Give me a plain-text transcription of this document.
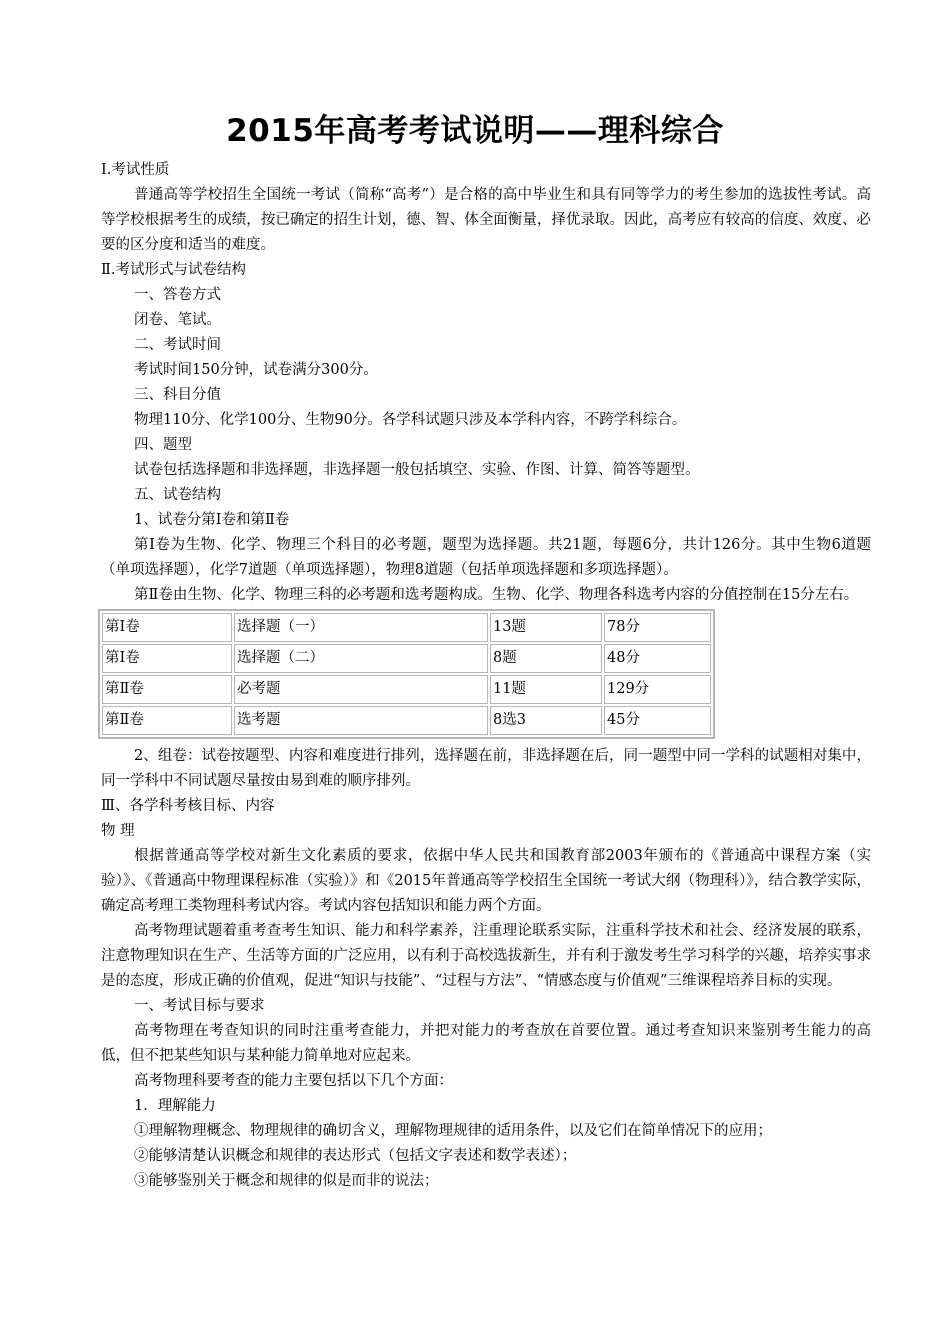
2015年高考考试说明——理科综合

Ⅰ.考试性质

普通高等学校招生全国统一考试（简称“高考”）是合格的高中毕业生和具有同等学力的考生参加的选拔性考试。高等学校根据考生的成绩，按已确定的招生计划，德、智、体全面衡量，择优录取。因此，高考应有较高的信度、效度、必要的区分度和适当的难度。

Ⅱ.考试形式与试卷结构

一、答卷方式

闭卷、笔试。

二、考试时间

考试时间150分钟，试卷满分300分。

三、科目分值

物理110分、化学100分、生物90分。各学科试题只涉及本学科内容，不跨学科综合。

四、题型

试卷包括选择题和非选择题，非选择题一般包括填空、实验、作图、计算、简答等题型。

五、试卷结构

1、试卷分第Ⅰ卷和第Ⅱ卷

第Ⅰ卷为生物、化学、物理三个科目的必考题，题型为选择题。共21题，每题6分，共计126分。其中生物6道题（单项选择题），化学7道题（单项选择题），物理8道题（包括单项选择题和多项选择题）。

第Ⅱ卷由生物、化学、物理三科的必考题和选考题构成。生物、化学、物理各科选考内容的分值控制在15分左右。

第Ⅰ卷	选择题（一）	13题	78分
第Ⅰ卷	选择题（二）	8题	48分
第Ⅱ卷	必考题	11题	129分
第Ⅱ卷	选考题	8选3	45分

2、组卷：试卷按题型、内容和难度进行排列，选择题在前，非选择题在后，同一题型中同一学科的试题相对集中，同一学科中不同试题尽量按由易到难的顺序排列。

Ⅲ、各学科考核目标、内容

物 理

根据普通高等学校对新生文化素质的要求，依据中华人民共和国教育部2003年颁布的《普通高中课程方案（实验）》、《普通高中物理课程标准（实验）》和《2015年普通高等学校招生全国统一考试大纲（物理科）》，结合教学实际，确定高考理工类物理科考试内容。考试内容包括知识和能力两个方面。

高考物理试题着重考查考生知识、能力和科学素养，注重理论联系实际，注重科学技术和社会、经济发展的联系，注意物理知识在生产、生活等方面的广泛应用，以有利于高校选拔新生，并有利于激发考生学习科学的兴趣，培养实事求是的态度，形成正确的价值观，促进“知识与技能”、“过程与方法”、“情感态度与价值观”三维课程培养目标的实现。

一、考试目标与要求

高考物理在考查知识的同时注重考查能力，并把对能力的考查放在首要位置。通过考查知识来鉴别考生能力的高低，但不把某些知识与某种能力简单地对应起来。

高考物理科要考查的能力主要包括以下几个方面：

1．理解能力

①理解物理概念、物理规律的确切含义，理解物理规律的适用条件，以及它们在简单情况下的应用；

②能够清楚认识概念和规律的表达形式（包括文字表述和数学表述）；

③能够鉴别关于概念和规律的似是而非的说法；
